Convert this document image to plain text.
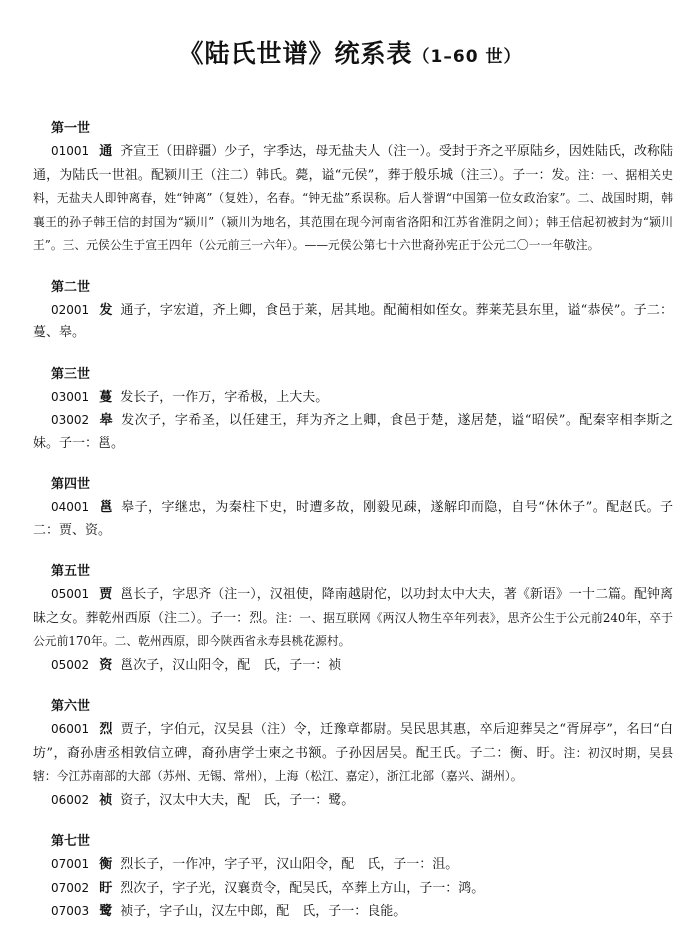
《陆氏世谱》统系表（1–60 世）
第一世
01001 通 齐宣王（田辟疆）少子，字季达，母无盐夫人（注一）。受封于齐之平原陆乡，因姓陆氏，改称陆通，为陆氏一世祖。配颍川王（注二）韩氏。薨，谥“元侯”，葬于般乐城（注三）。子一：发。注：一、据相关史料，无盐夫人即钟离春，姓“钟离”（复姓），名春。“钟无盐”系误称。后人誉谓“中国第一位女政治家”。二、战国时期，韩襄王的孙子韩王信的封国为“颍川”（颍川为地名，其范围在现今河南省洛阳和江苏省淮阴之间）；韩王信起初被封为“颍川王”。三、元侯公生于宣王四年（公元前三一六年）。——元侯公第七十六世裔孙宪正于公元二〇一一年敬注。
第二世
02001 发 通子，字宏道，齐上卿，食邑于莱，居其地。配蔺相如侄女。葬莱芜县东里，谥“恭侯”。子二：蔓、皋。
第三世
03001 蔓 发长子，一作万，字希极，上大夫。
03002 皋 发次子，字希圣，以任建王，拜为齐之上卿，食邑于楚，遂居楚，谥“昭侯”。配秦宰相李斯之妹。子一：邕。
第四世
04001 邕 皋子，字继忠，为秦柱下史，时遭多故，刚毅见疎，遂解印而隐，自号“休休子”。配赵氏。子二：贾、资。
第五世
05001 贾 邕长子，字思齐（注一），汉祖使，降南越尉佗，以功封太中大夫，著《新语》一十二篇。配钟离昧之女。葬乾州西原（注二）。子一：烈。注：一、据互联网《两汉人物生卒年列表》，思齐公生于公元前240年，卒于公元前170年。二、乾州西原，即今陕西省永寿县桃花源村。
05002 资 邕次子，汉山阳令，配　氏，子一：祯
第六世
06001 烈 贾子，字伯元，汉吴县（注）令，迁豫章都尉。吴民思其惠，卒后迎葬吴之“胥屏亭”，名曰“白坊”，裔孙唐丞相敦信立碑，裔孙唐学士柬之书额。子孙因居吴。配王氏。子二：衡、盱。注：初汉时期，吴县辖：今江苏南部的大部（苏州、无锡、常州），上海（松江、嘉定），浙江北部（嘉兴、湖州）。
06002 祯 资子，汉太中大夫，配　氏，子一：鹭。
第七世
07001 衡 烈长子，一作冲，字子平，汉山阳令，配　氏，子一：沮。
07002 盱 烈次子，字子光，汉襄贲令，配吴氏，卒葬上方山，子一：鸿。
07003 鹭 祯子，字子山，汉左中郎，配　氏，子一：良能。
